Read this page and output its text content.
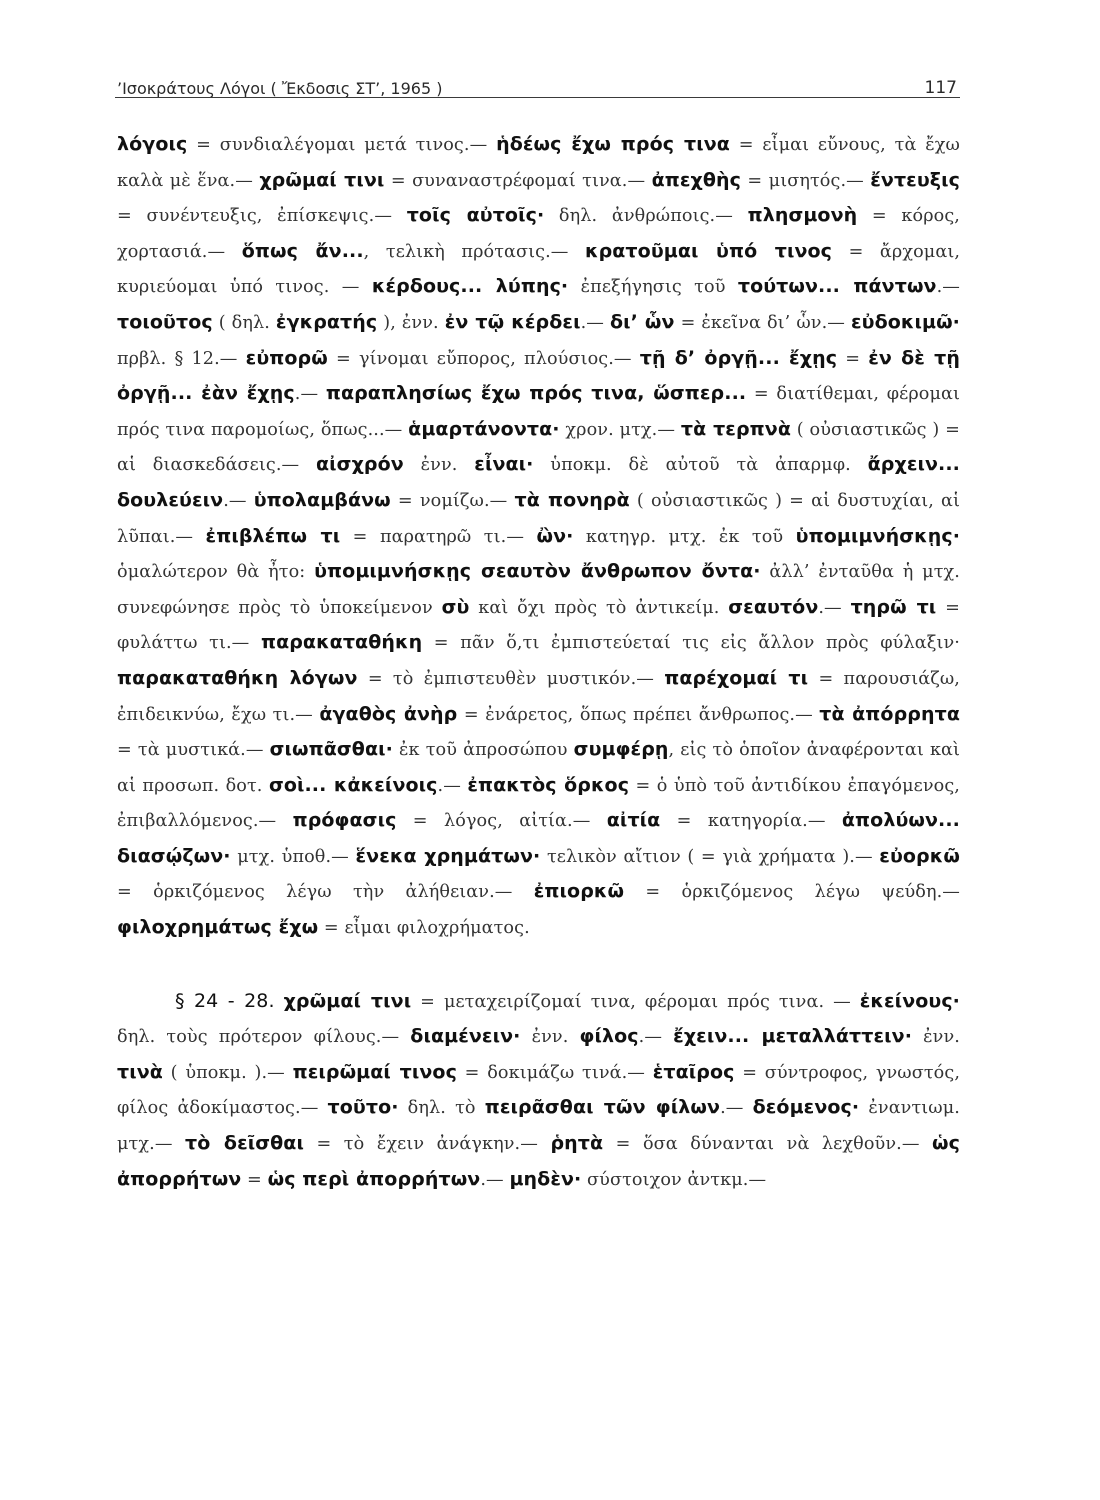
’Ισοκράτους Λόγοι ( Ἔκδοσις ΣΤ’, 1965 )	117
λόγοις = συνδιαλέγομαι μετά τινος.— ἡδέως ἔχω πρός τινα = εἶμαι εὔνους, τὰ ἔχω καλὰ μὲ ἕνα.— χρῶμαί τινι = συναναστρέφομαί τινα.— ἀπεχθὴς = μισητός.— ἔντευξις = συνέντευξις, ἐπίσκεψις.— τοῖς αὐτοῖς· δηλ. ἀνθρώποις.— πλησμονὴ = κόρος, χορτασιά.— ὅπως ἄν..., τελικὴ πρότασις.— κρατοῦμαι ὑπό τινος = ἄρχομαι, κυριεύομαι ὑπό τινος. — κέρδους... λύπης· ἐπεξήγησις τοῦ τούτων... πάντων.— τοιοῦτος ( δηλ. ἐγκρατής ), ἐνν. ἐν τῷ κέρδει.— δι’ ὧν = ἐκεῖνα δι’ ὧν.— εὐδοκιμῶ· πρβλ. § 12.— εὐπορῶ = γίνομαι εὔπορος, πλούσιος.— τῇ δ’ ὀργῇ... ἔχῃς = ἐν δὲ τῇ ὀργῇ... ἐὰν ἔχῃς.— παραπλησίως ἔχω πρός τινα, ὥσπερ... = διατίθεμαι, φέρομαι πρός τινα παρομοίως, ὅπως...— ἁμαρτάνοντα· χρον. μτχ.— τὰ τερπνὰ ( οὐσιαστικῶς ) = αἱ διασκεδάσεις.— αἰσχρόν ἐνν. εἶναι· ὑποκμ. δὲ αὐτοῦ τὰ ἀπαρμφ. ἄρχειν... δουλεύειν.— ὑπολαμβάνω = νομίζω.— τὰ πονηρὰ ( οὐσιαστικῶς ) = αἱ δυστυχίαι, αἱ λῦπαι.— ἐπιβλέπω τι = παρατηρῶ τι.— ὢν· κατηγρ. μτχ. ἐκ τοῦ ὑπομιμνήσκῃς· ὁμαλώτερον θὰ ἦτο: ὑπομιμνήσκῃς σεαυτὸν ἄνθρωπον ὄντα· ἀλλ’ ἐνταῦθα ἡ μτχ. συνεφώνησε πρὸς τὸ ὑποκείμενον σὺ καὶ ὄχι πρὸς τὸ ἀντικείμ. σεαυτόν.— τηρῶ τι = φυλάττω τι.— παρακαταθήκη = πᾶν ὅ,τι ἐμπιστεύεταί τις εἰς ἄλλον πρὸς φύλαξιν· παρακαταθήκη λόγων = τὸ ἐμπιστευθὲν μυστικόν.— παρέχομαί τι = παρουσιάζω, ἐπιδεικνύω, ἔχω τι.— ἀγαθὸς ἀνὴρ = ἐνάρετος, ὅπως πρέπει ἄνθρωπος.— τὰ ἀπόρρητα = τὰ μυστικά.— σιωπᾶσθαι· ἐκ τοῦ ἀπροσώπου συμφέρῃ, εἰς τὸ ὁποῖον ἀναφέρονται καὶ αἱ προσωπ. δοτ. σοὶ... κἀκείνοις.— ἐπακτὸς ὅρκος = ὁ ὑπὸ τοῦ ἀντιδίκου ἐπαγόμενος, ἐπιβαλλόμενος.— πρόφασις = λόγος, αἰτία.— αἰτία = κατηγορία.— ἀπολύων... διασῴζων· μτχ. ὑποθ.— ἕνεκα χρημάτων· τελικὸν αἴτιον ( = γιὰ χρήματα ).— εὐορκῶ = ὁρκιζόμενος λέγω τὴν ἀλήθειαν.— ἐπιορκῶ = ὁρκιζόμενος λέγω ψεύδη.— φιλοχρημάτως ἔχω = εἶμαι φιλοχρήματος.
§ 24 - 28. χρῶμαί τινι = μεταχειρίζομαί τινα, φέρομαι πρός τινα. — ἐκείνους· δηλ. τοὺς πρότερον φίλους.— διαμένειν· ἐνν. φίλος.— ἔχειν... μεταλλάττειν· ἐνν. τινὰ ( ὑποκμ. ).— πειρῶμαί τινος = δοκιμάζω τινά.— ἑταῖρος = σύντροφος, γνωστός, φίλος ἀδοκίμαστος.— τοῦτο· δηλ. τὸ πειρᾶσθαι τῶν φίλων.— δεόμενος· ἐναντιωμ. μτχ.— τὸ δεῖσθαι = τὸ ἔχειν ἀνάγκην.— ῥητὰ = ὅσα δύνανται νὰ λεχθοῦν.— ὡς ἀπορρήτων = ὡς περὶ ἀπορρήτων.— μηδὲν· σύστοιχον ἀντκμ.—
